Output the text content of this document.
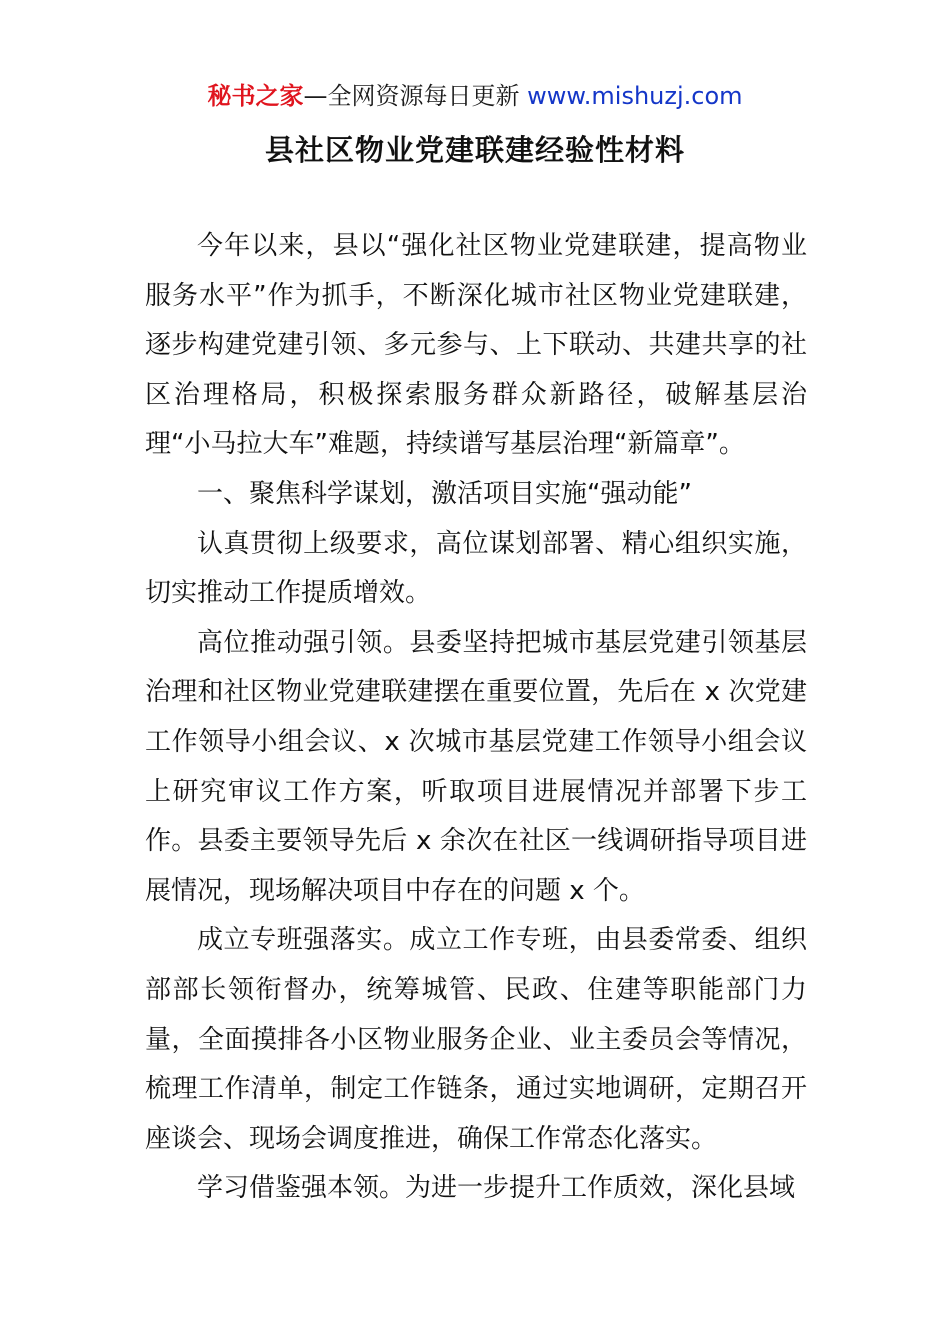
秘书之家—全网资源每日更新 www.mishuzj.com
县社区物业党建联建经验性材料

今年以来，县以“强化社区物业党建联建，提高物业服务水平”作为抓手，不断深化城市社区物业党建联建，逐步构建党建引领、多元参与、上下联动、共建共享的社区治理格局，积极探索服务群众新路径，破解基层治理“小马拉大车”难题，持续谱写基层治理“新篇章”。

一、聚焦科学谋划，激活项目实施“强动能”

认真贯彻上级要求，高位谋划部署、精心组织实施，切实推动工作提质增效。

高位推动强引领。县委坚持把城市基层党建引领基层治理和社区物业党建联建摆在重要位置，先后在 x 次党建工作领导小组会议、x 次城市基层党建工作领导小组会议上研究审议工作方案，听取项目进展情况并部署下步工作。县委主要领导先后 x 余次在社区一线调研指导项目进展情况，现场解决项目中存在的问题 x 个。

成立专班强落实。成立工作专班，由县委常委、组织部部长领衔督办，统筹城管、民政、住建等职能部门力量，全面摸排各小区物业服务企业、业主委员会等情况，梳理工作清单，制定工作链条，通过实地调研，定期召开座谈会、现场会调度推进，确保工作常态化落实。

学习借鉴强本领。为进一步提升工作质效，深化县域
